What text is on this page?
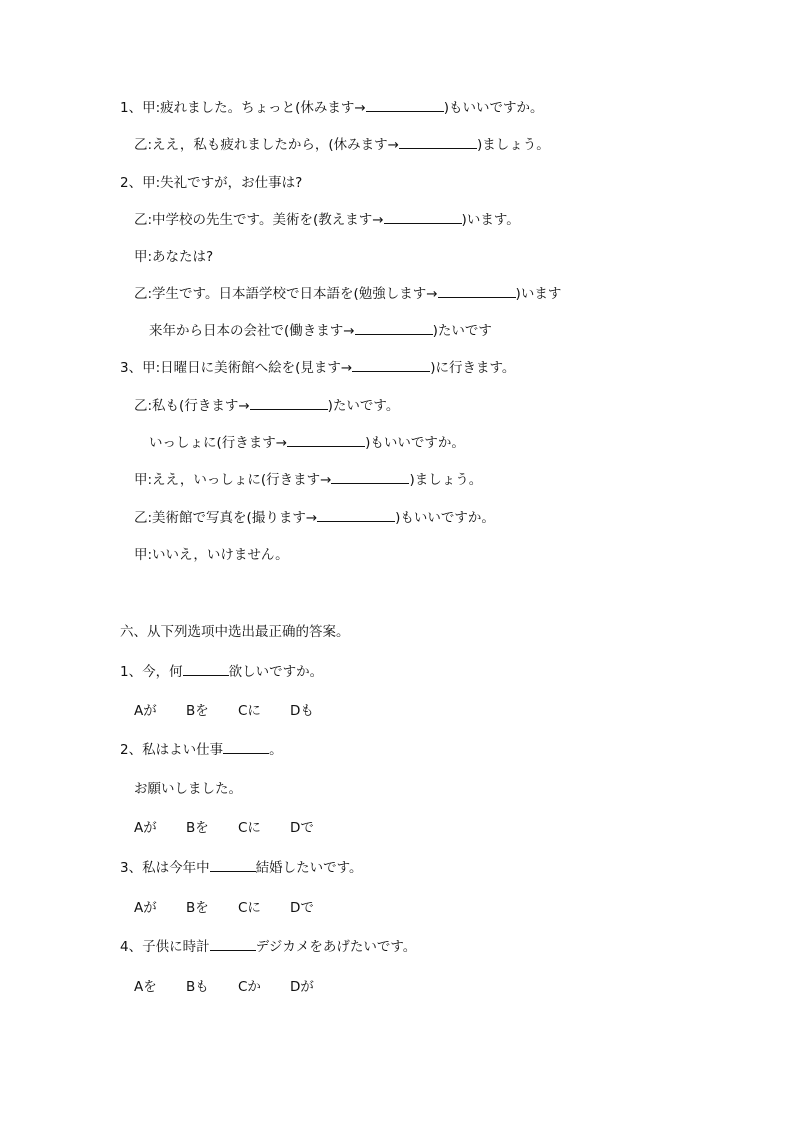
1、甲:疲れました。ちょっと(休みます→	)もいいですか。
乙:ええ，私も疲れましたから，(休みます→	)ましょう。
2、甲:失礼ですが，お仕事は?
乙:中学校の先生です。美術を(教えます→	)います。
甲:あなたは?
乙:学生です。日本語学校で日本語を(勉強します→	)います
来年から日本の会社で(働きます→	)たいです
3、甲:日曜日に美術館へ絵を(見ます→	)に行きます。
乙:私も(行きます→	)たいです。
いっしょに(行きます→	)もいいですか。
甲:ええ，いっしょに(行きます→	)ましょう。
乙:美術館で写真を(撮ります→	)もいいですか。
甲:いいえ，いけません。
六、从下列选项中选出最正确的答案。
1、今，何	欲しいですか。
Aが Bを Cに Dも
2、私はよい仕事	。
お願いしました。
Aが Bを Cに Dで
3、私は今年中	結婚したいです。
Aが Bを Cに Dで
4、子供に時計	デジカメをあげたいです。
Aを Bも Cか Dが
